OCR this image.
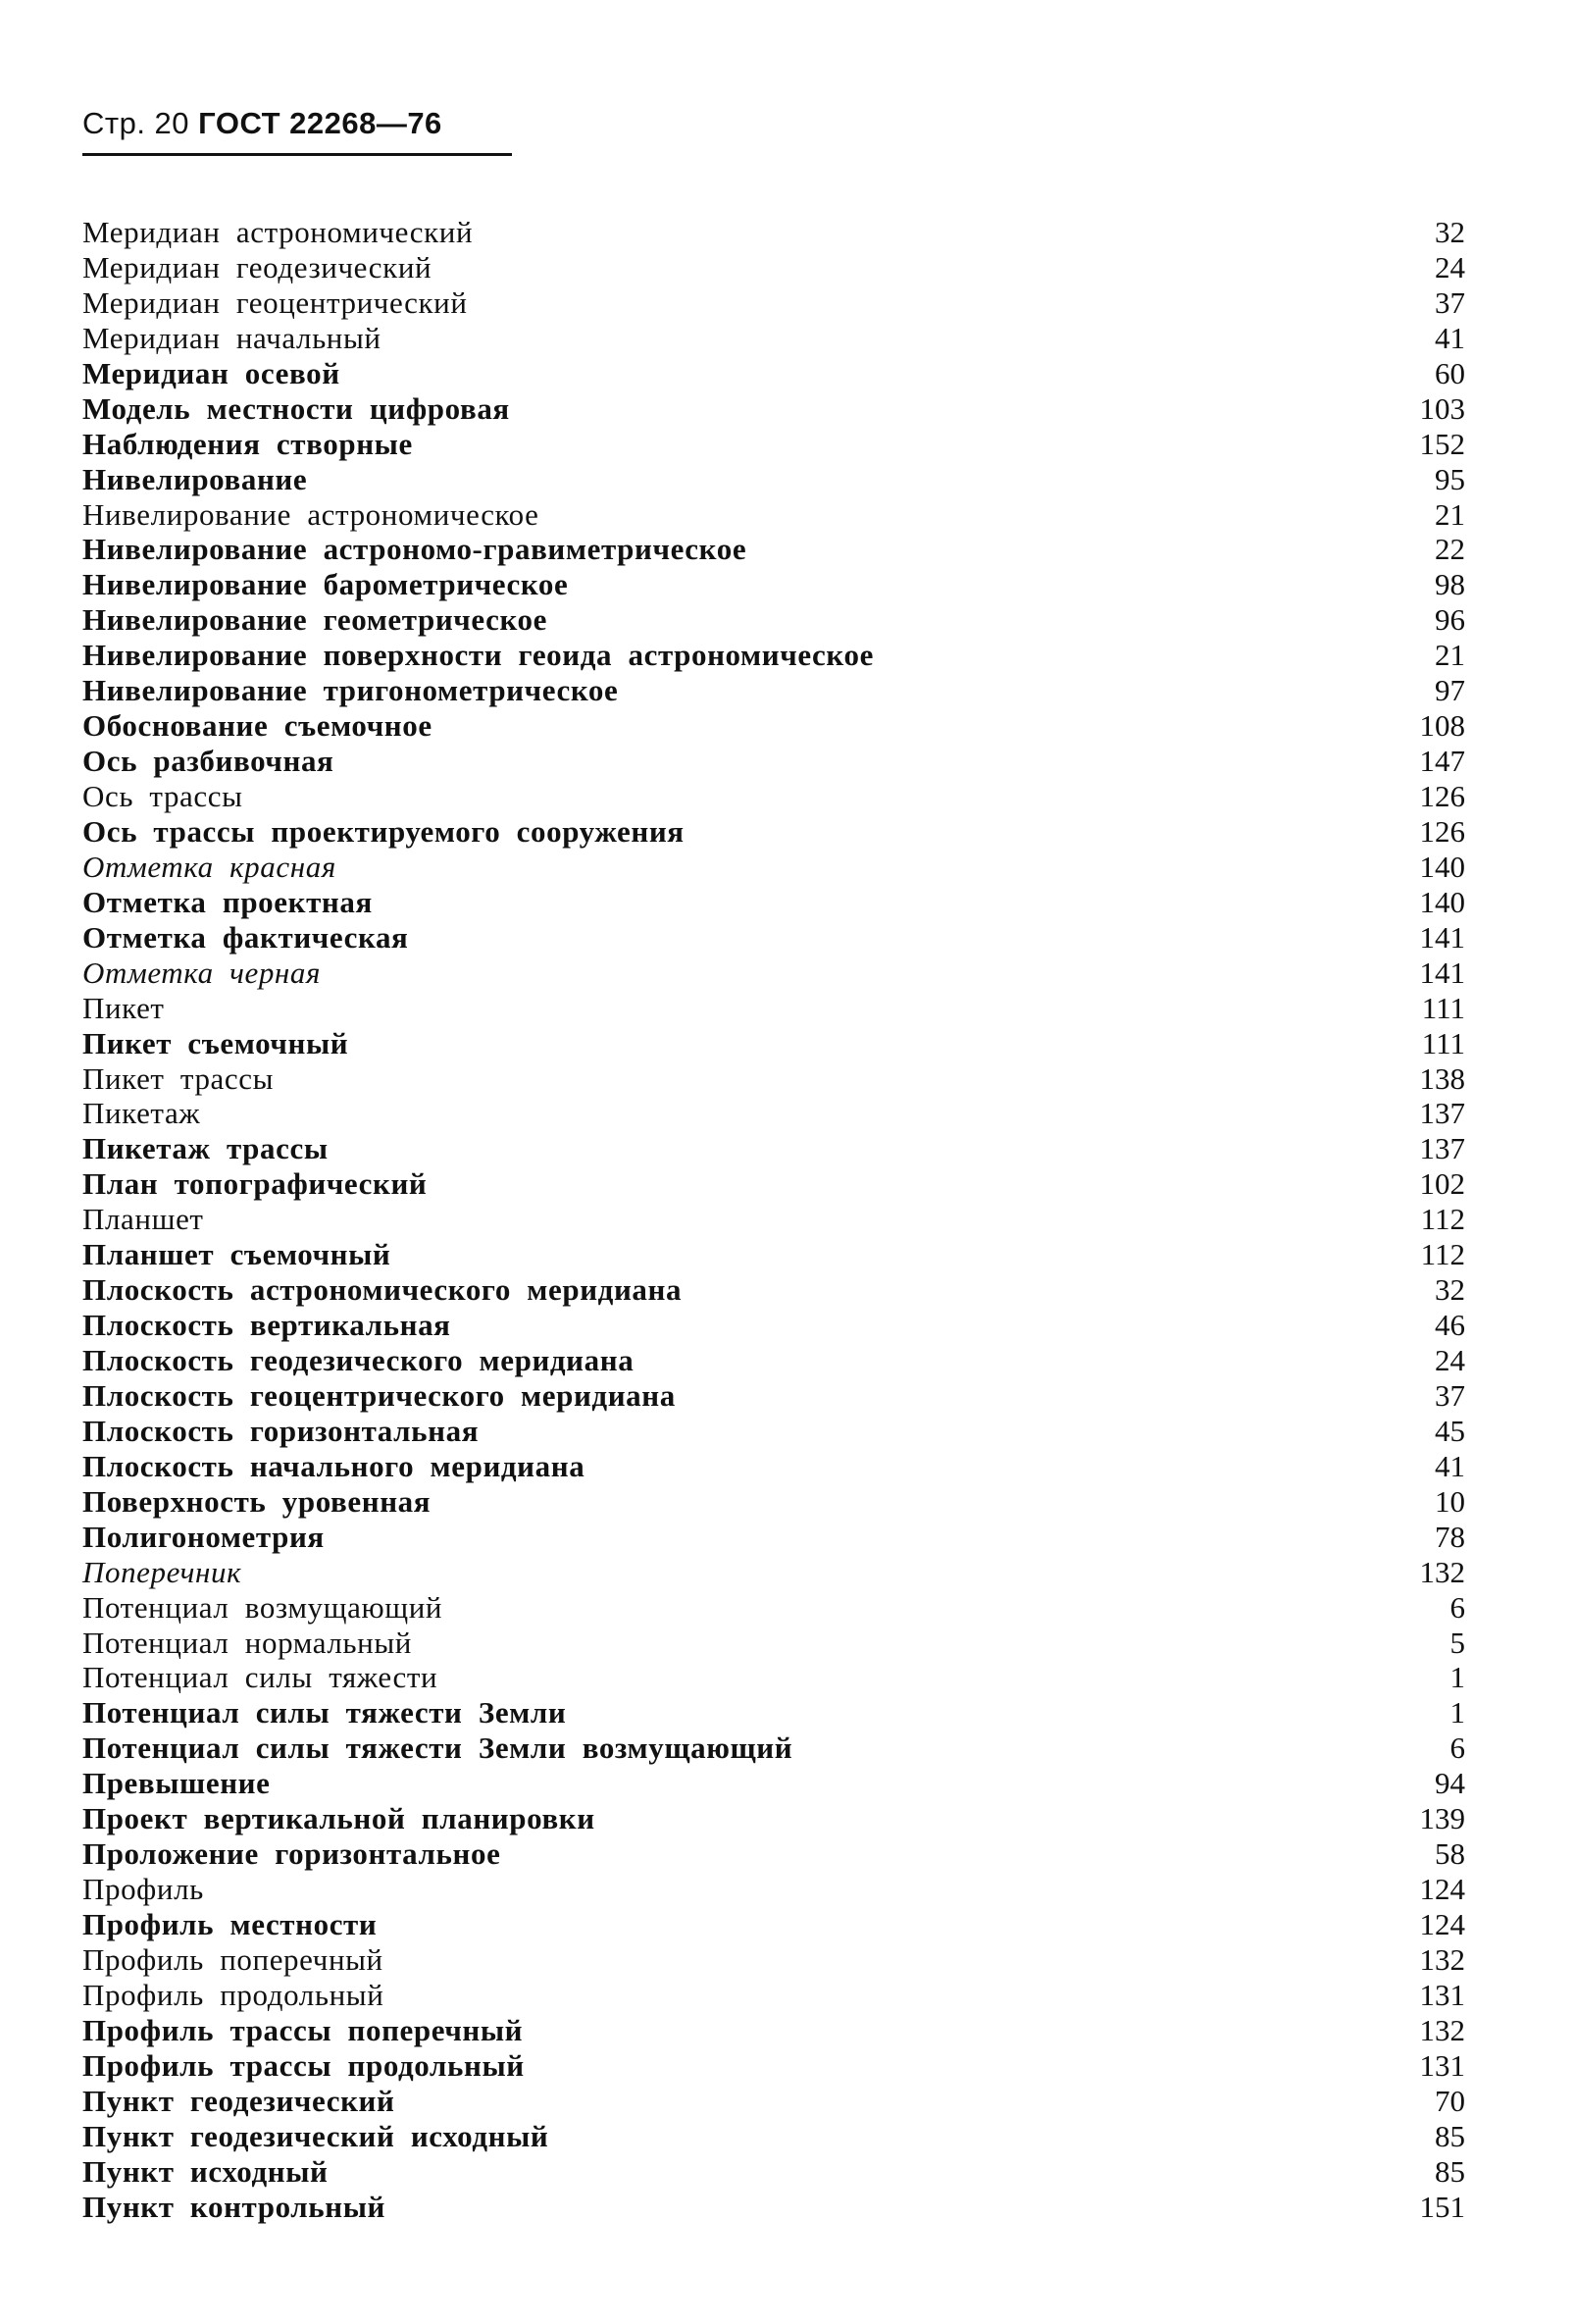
Стр. 20 ГОСТ 22268—76
Меридиан астрономический	32
Меридиан геодезический	24
Меридиан геоцентрический	37
Меридиан начальный	41
Меридиан осевой	60
Модель местности цифровая	103
Наблюдения створные	152
Нивелирование	95
Нивелирование астрономическое	21
Нивелирование астрономо-гравиметрическое	22
Нивелирование барометрическое	98
Нивелирование геометрическое	96
Нивелирование поверхности геоида астрономическое	21
Нивелирование тригонометрическое	97
Обоснование съемочное	108
Ось разбивочная	147
Ось трассы	126
Ось трассы проектируемого сооружения	126
Отметка красная	140
Отметка проектная	140
Отметка фактическая	141
Отметка черная	141
Пикет	111
Пикет съемочный	111
Пикет трассы	138
Пикетаж	137
Пикетаж трассы	137
План топографический	102
Планшет	112
Планшет съемочный	112
Плоскость астрономического меридиана	32
Плоскость вертикальная	46
Плоскость геодезического меридиана	24
Плоскость геоцентрического меридиана	37
Плоскость горизонтальная	45
Плоскость начального меридиана	41
Поверхность уровенная	10
Полигонометрия	78
Поперечник	132
Потенциал возмущающий	6
Потенциал нормальный	5
Потенциал силы тяжести	1
Потенциал силы тяжести Земли	1
Потенциал силы тяжести Земли возмущающий	6
Превышение	94
Проект вертикальной планировки	139
Проложение горизонтальное	58
Профиль	124
Профиль местности	124
Профиль поперечный	132
Профиль продольный	131
Профиль трассы поперечный	132
Профиль трассы продольный	131
Пункт геодезический	70
Пункт геодезический исходный	85
Пункт исходный	85
Пункт контрольный	151
